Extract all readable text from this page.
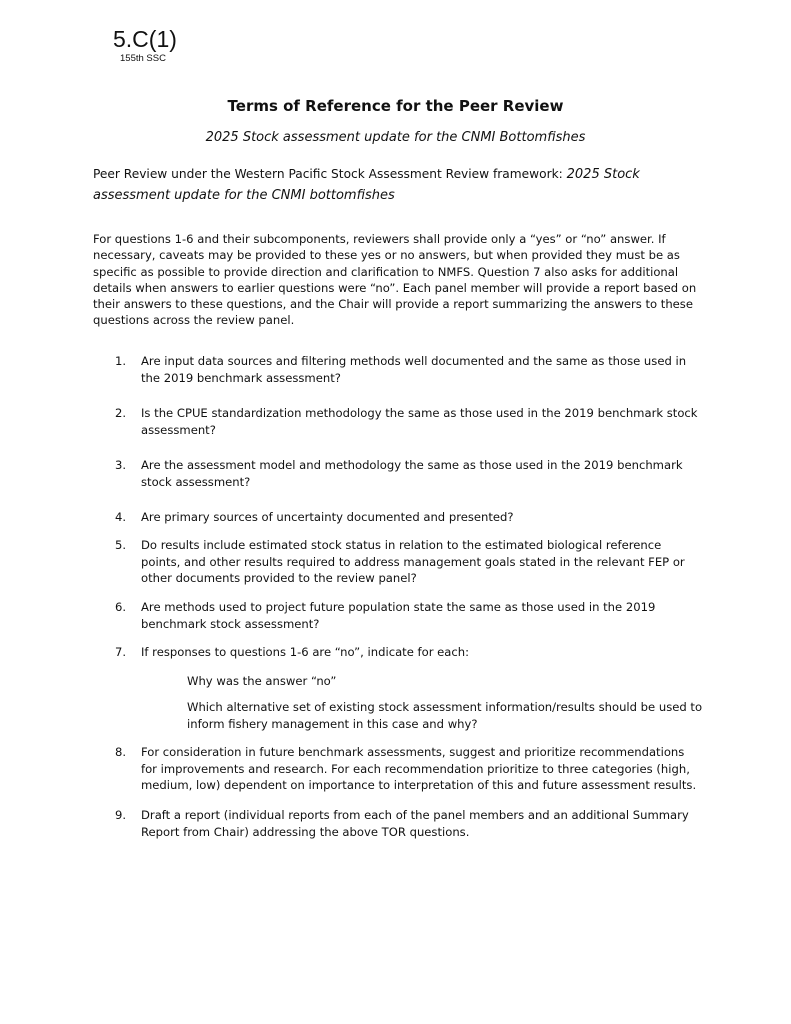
5.C(1)
155th SSC
Terms of Reference for the Peer Review
2025 Stock assessment update for the CNMI Bottomfishes
Peer Review under the Western Pacific Stock Assessment Review framework: 2025 Stock assessment update for the CNMI bottomfishes

For questions 1-6 and their subcomponents, reviewers shall provide only a “yes” or “no” answer. If necessary, caveats may be provided to these yes or no answers, but when provided they must be as specific as possible to provide direction and clarification to NMFS. Question 7 also asks for additional details when answers to earlier questions were “no”. Each panel member will provide a report based on their answers to these questions, and the Chair will provide a report summarizing the answers to these questions across the review panel.

1. Are input data sources and filtering methods well documented and the same as those used in the 2019 benchmark assessment?
2. Is the CPUE standardization methodology the same as those used in the 2019 benchmark stock assessment?
3. Are the assessment model and methodology the same as those used in the 2019 benchmark stock assessment?
4. Are primary sources of uncertainty documented and presented?
5. Do results include estimated stock status in relation to the estimated biological reference points, and other results required to address management goals stated in the relevant FEP or other documents provided to the review panel?
6. Are methods used to project future population state the same as those used in the 2019 benchmark stock assessment?
7. If responses to questions 1-6 are “no”, indicate for each:
8. For consideration in future benchmark assessments, suggest and prioritize recommendations for improvements and research. For each recommendation prioritize to three categories (high, medium, low) dependent on importance to interpretation of this and future assessment results.
9. Draft a report (individual reports from each of the panel members and an additional Summary Report from Chair) addressing the above TOR questions.
Why was the answer “no”
Which alternative set of existing stock assessment information/results should be used to inform fishery management in this case and why?
